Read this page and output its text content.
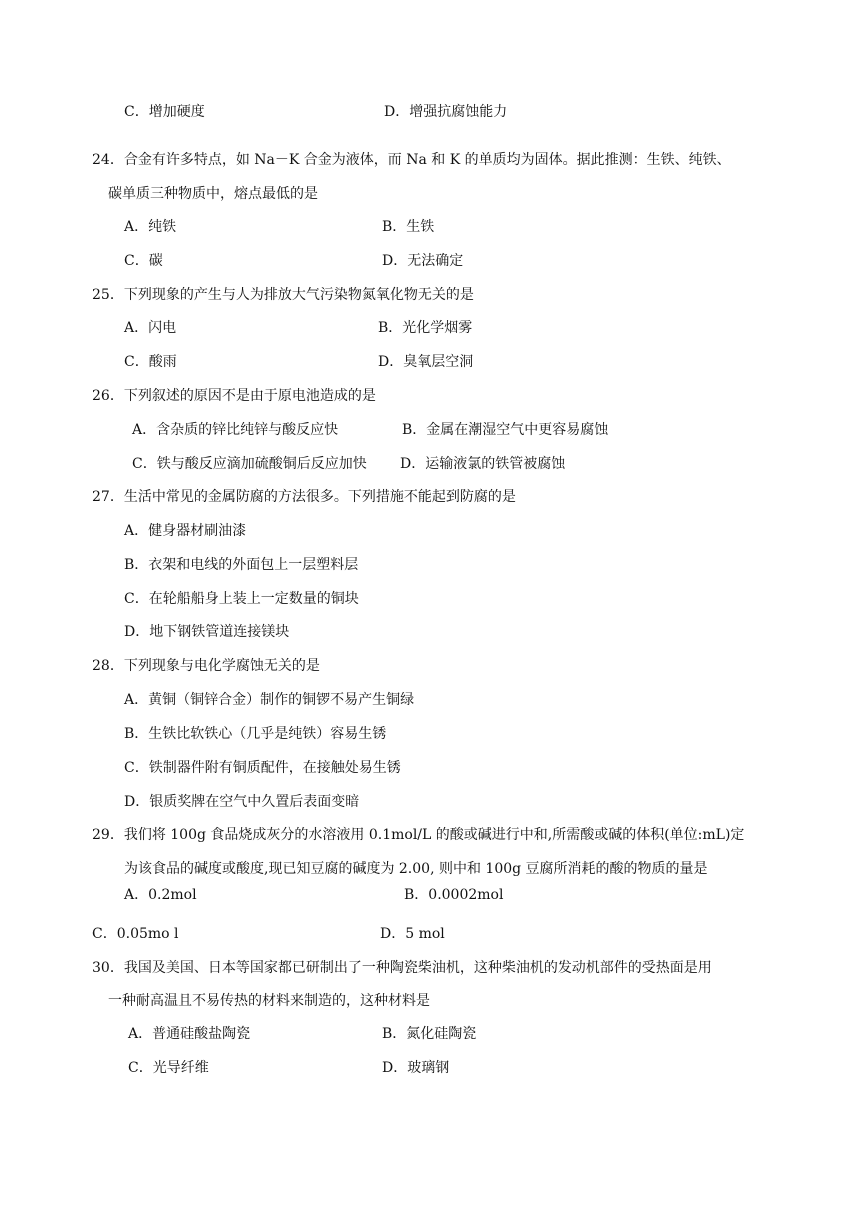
C．增加硬度	D．增强抗腐蚀能力
24．合金有许多特点，如 Na－K 合金为液体，而 Na 和 K 的单质均为固体。据此推测：生铁、纯铁、
碳单质三种物质中，熔点最低的是
A．纯铁	B．生铁
C．碳	D．无法确定
25．下列现象的产生与人为排放大气污染物氮氧化物无关的是
A．闪电	B．光化学烟雾
C．酸雨	D．臭氧层空洞
26．下列叙述的原因不是由于原电池造成的是
A．含杂质的锌比纯锌与酸反应快	B．金属在潮湿空气中更容易腐蚀
C．铁与酸反应滴加硫酸铜后反应加快 D．运输液氯的铁管被腐蚀
27．生活中常见的金属防腐的方法很多。下列措施不能起到防腐的是
A．健身器材刷油漆
B．衣架和电线的外面包上一层塑料层
C．在轮船船身上装上一定数量的铜块
D．地下钢铁管道连接镁块
28．下列现象与电化学腐蚀无关的是
A．黄铜（铜锌合金）制作的铜锣不易产生铜绿
B．生铁比软铁心（几乎是纯铁）容易生锈
C．铁制器件附有铜质配件，在接触处易生锈
D．银质奖牌在空气中久置后表面变暗
29．我们将 100g 食品烧成灰分的水溶液用 0.1mol/L 的酸或碱进行中和,所需酸或碱的体积(单位:mL)定
为该食品的碱度或酸度,现已知豆腐的碱度为 2.00, 则中和 100g 豆腐所消耗的酸的物质的量是
A．0.2mol	B．0.0002mol
C．0.05mo l	D．5 mol
30．我国及美国、日本等国家都已研制出了一种陶瓷柴油机，这种柴油机的发动机部件的受热面是用
一种耐高温且不易传热的材料来制造的，这种材料是
A．普通硅酸盐陶瓷	B．氮化硅陶瓷
C．光导纤维	D．玻璃钢
